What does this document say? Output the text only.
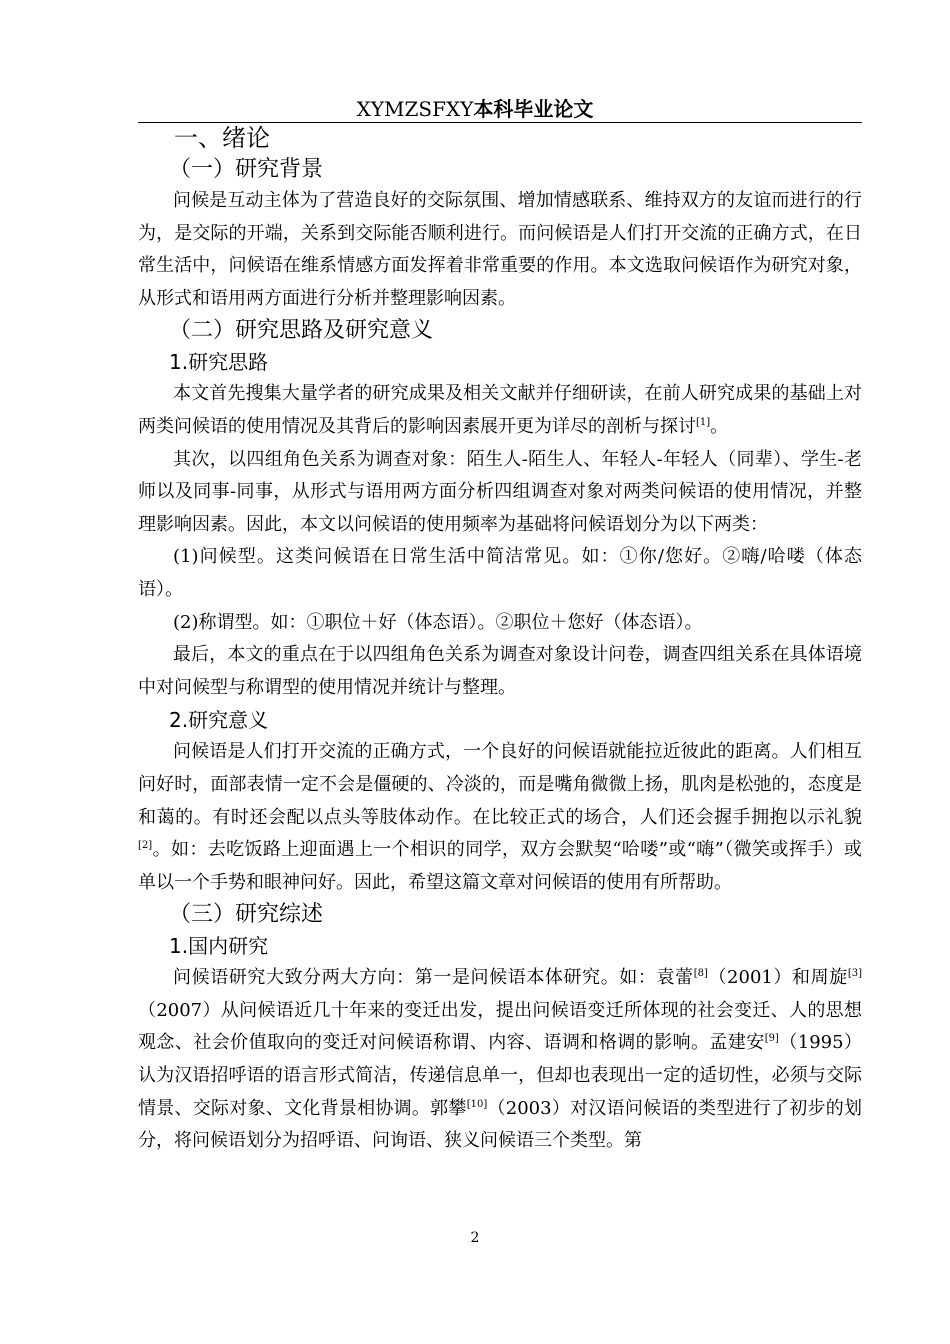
XYMZSFXY本科毕业论文
一、绪论
（一）研究背景

问候是互动主体为了营造良好的交际氛围、增加情感联系、维持双方的友谊而进行的行为，是交际的开端，关系到交际能否顺利进行。而问候语是人们打开交流的正确方式，在日常生活中，问候语在维系情感方面发挥着非常重要的作用。本文选取问候语作为研究对象，从形式和语用两方面进行分析并整理影响因素。

（二）研究思路及研究意义
1.研究思路

本文首先搜集大量学者的研究成果及相关文献并仔细研读，在前人研究成果的基础上对两类问候语的使用情况及其背后的影响因素展开更为详尽的剖析与探讨[1]。

其次，以四组角色关系为调查对象：陌生人-陌生人、年轻人-年轻人（同辈）、学生-老师以及同事-同事，从形式与语用两方面分析四组调查对象对两类问候语的使用情况，并整理影响因素。因此，本文以问候语的使用频率为基础将问候语划分为以下两类：

(1)问候型。这类问候语在日常生活中简洁常见。如：①你/您好。②嗨/哈喽（体态语）。

(2)称谓型。如：①职位＋好（体态语）。②职位＋您好（体态语）。

最后，本文的重点在于以四组角色关系为调查对象设计问卷，调查四组关系在具体语境中对问候型与称谓型的使用情况并统计与整理。

2.研究意义

问候语是人们打开交流的正确方式，一个良好的问候语就能拉近彼此的距离。人们相互问好时，面部表情一定不会是僵硬的、冷淡的，而是嘴角微微上扬，肌肉是松弛的，态度是和蔼的。有时还会配以点头等肢体动作。在比较正式的场合，人们还会握手拥抱以示礼貌[2]。如：去吃饭路上迎面遇上一个相识的同学，双方会默契“哈喽”或“嗨”（微笑或挥手）或单以一个手势和眼神问好。因此，希望这篇文章对问候语的使用有所帮助。

（三）研究综述
1.国内研究

问候语研究大致分两大方向：第一是问候语本体研究。如：袁蕾[8]（2001）和周旋[3]（2007）从问候语近几十年来的变迁出发，提出问候语变迁所体现的社会变迁、人的思想观念、社会价值取向的变迁对问候语称谓、内容、语调和格调的影响。孟建安[9]（1995）认为汉语招呼语的语言形式简洁，传递信息单一，但却也表现出一定的适切性，必须与交际情景、交际对象、文化背景相协调。郭攀[10]（2003）对汉语问候语的类型进行了初步的划分，将问候语划分为招呼语、问询语、狭义问候语三个类型。第

2
